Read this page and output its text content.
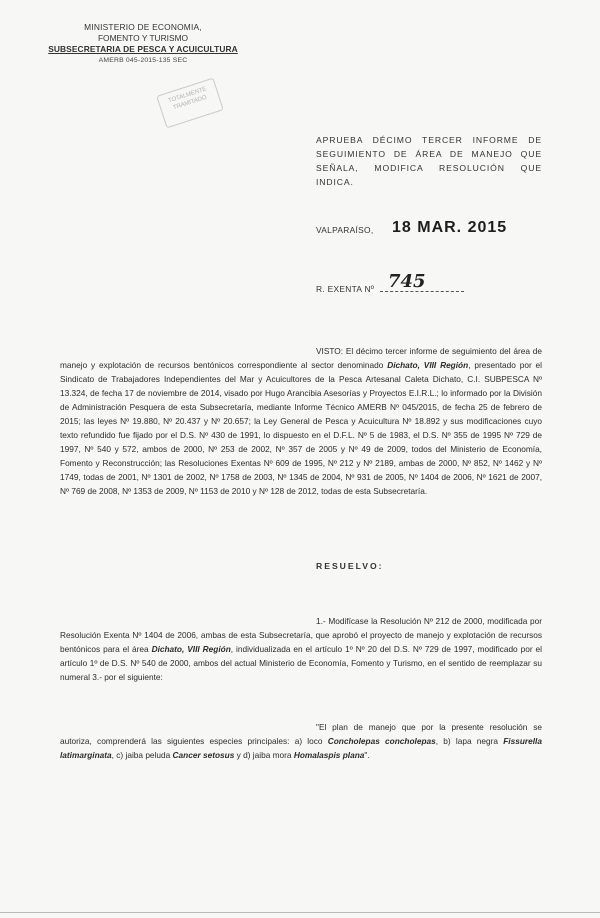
MINISTERIO DE ECONOMIA,
FOMENTO Y TURISMO
SUBSECRETARIA DE PESCA Y ACUICULTURA
AMERB 045-2015-135 SEC
TOTALMENTE TRAMITADO
APRUEBA DÉCIMO TERCER INFORME DE SEGUIMIENTO DE ÁREA DE MANEJO QUE SEÑALA, MODIFICA RESOLUCIÓN QUE INDICA.
VALPARAÍSO, 18 MAR. 2015
R. EXENTA Nº 745
VISTO: El décimo tercer informe de seguimiento del área de manejo y explotación de recursos bentónicos correspondiente al sector denominado Dichato, VIII Región, presentado por el Sindicato de Trabajadores Independientes del Mar y Acuicultores de la Pesca Artesanal Caleta Dichato, C.I. SUBPESCA Nº 13.324, de fecha 17 de noviembre de 2014, visado por Hugo Arancibia Asesorías y Proyectos E.I.R.L.; lo informado por la División de Administración Pesquera de esta Subsecretaría, mediante Informe Técnico AMERB Nº 045/2015, de fecha 25 de febrero de 2015; las leyes Nº 19.880, Nº 20.437 y Nº 20.657; la Ley General de Pesca y Acuicultura Nº 18.892 y sus modificaciones cuyo texto refundido fue fijado por el D.S. Nº 430 de 1991, lo dispuesto en el D.F.L. Nº 5 de 1983, el D.S. Nº 355 de 1995 Nº 729 de 1997, Nº 540 y 572, ambos de 2000, Nº 253 de 2002, Nº 357 de 2005 y Nº 49 de 2009, todos del Ministerio de Economía, Fomento y Reconstrucción; las Resoluciones Exentas Nº 609 de 1995, Nº 212 y Nº 2189, ambas de 2000, Nº 852, Nº 1462 y Nº 1749, todas de 2001, Nº 1301 de 2002, Nº 1758 de 2003, Nº 1345 de 2004, Nº 931 de 2005, Nº 1404 de 2006, Nº 1621 de 2007, Nº 769 de 2008, Nº 1353 de 2009, Nº 1153 de 2010 y Nº 128 de 2012, todas de esta Subsecretaría.
RESUELVO:
1.- Modifícase la Resolución Nº 212 de 2000, modificada por Resolución Exenta Nº 1404 de 2006, ambas de esta Subsecretaría, que aprobó el proyecto de manejo y explotación de recursos bentónicos para el área Dichato, VIII Región, individualizada en el artículo 1º Nº 20 del D.S. Nº 729 de 1997, modificado por el artículo 1º de D.S. Nº 540 de 2000, ambos del actual Ministerio de Economía, Fomento y Turismo, en el sentido de reemplazar su numeral 3.- por el siguiente:
"El plan de manejo que por la presente resolución se autoriza, comprenderá las siguientes especies principales: a) loco Concholepas concholepas, b) lapa negra Fissurella latimarginata, c) jaiba peluda Cancer setosus y d) jaiba mora Homalaspis plana".
